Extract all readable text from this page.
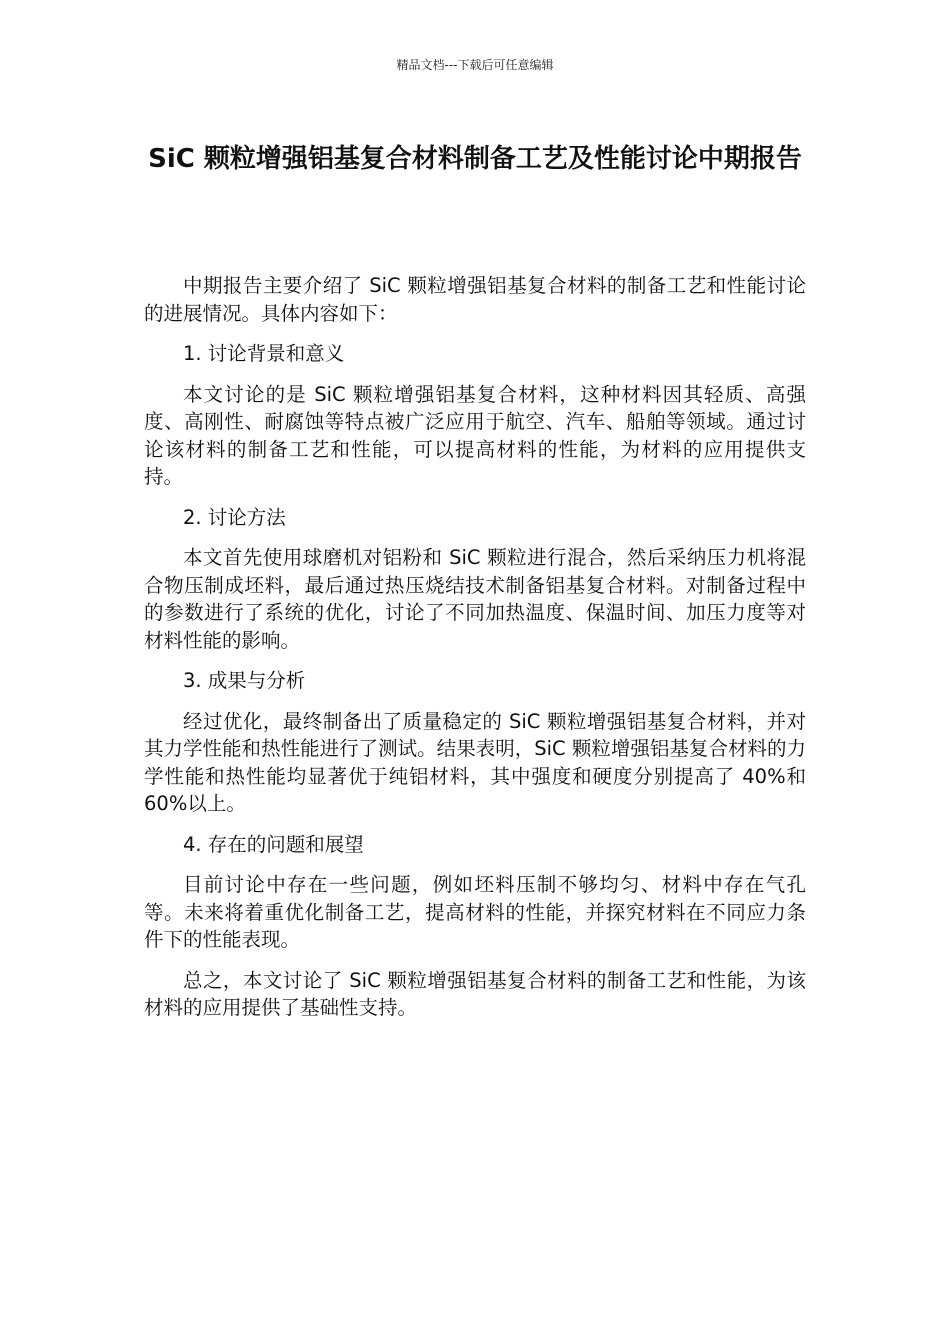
精品文档---下载后可任意编辑
SiC 颗粒增强铝基复合材料制备工艺及性能讨论中期报告

中期报告主要介绍了 SiC 颗粒增强铝基复合材料的制备工艺和性能讨论的进展情况。具体内容如下：

1. 讨论背景和意义

本文讨论的是 SiC 颗粒增强铝基复合材料，这种材料因其轻质、高强度、高刚性、耐腐蚀等特点被广泛应用于航空、汽车、船舶等领域。通过讨论该材料的制备工艺和性能，可以提高材料的性能，为材料的应用提供支持。

2. 讨论方法

本文首先使用球磨机对铝粉和 SiC 颗粒进行混合，然后采纳压力机将混合物压制成坯料，最后通过热压烧结技术制备铝基复合材料。对制备过程中的参数进行了系统的优化，讨论了不同加热温度、保温时间、加压力度等对材料性能的影响。

3. 成果与分析

经过优化，最终制备出了质量稳定的 SiC 颗粒增强铝基复合材料，并对其力学性能和热性能进行了测试。结果表明，SiC 颗粒增强铝基复合材料的力学性能和热性能均显著优于纯铝材料，其中强度和硬度分别提高了 40%和 60%以上。

4. 存在的问题和展望

目前讨论中存在一些问题，例如坯料压制不够均匀、材料中存在气孔等。未来将着重优化制备工艺，提高材料的性能，并探究材料在不同应力条件下的性能表现。

总之，本文讨论了 SiC 颗粒增强铝基复合材料的制备工艺和性能，为该材料的应用提供了基础性支持。
